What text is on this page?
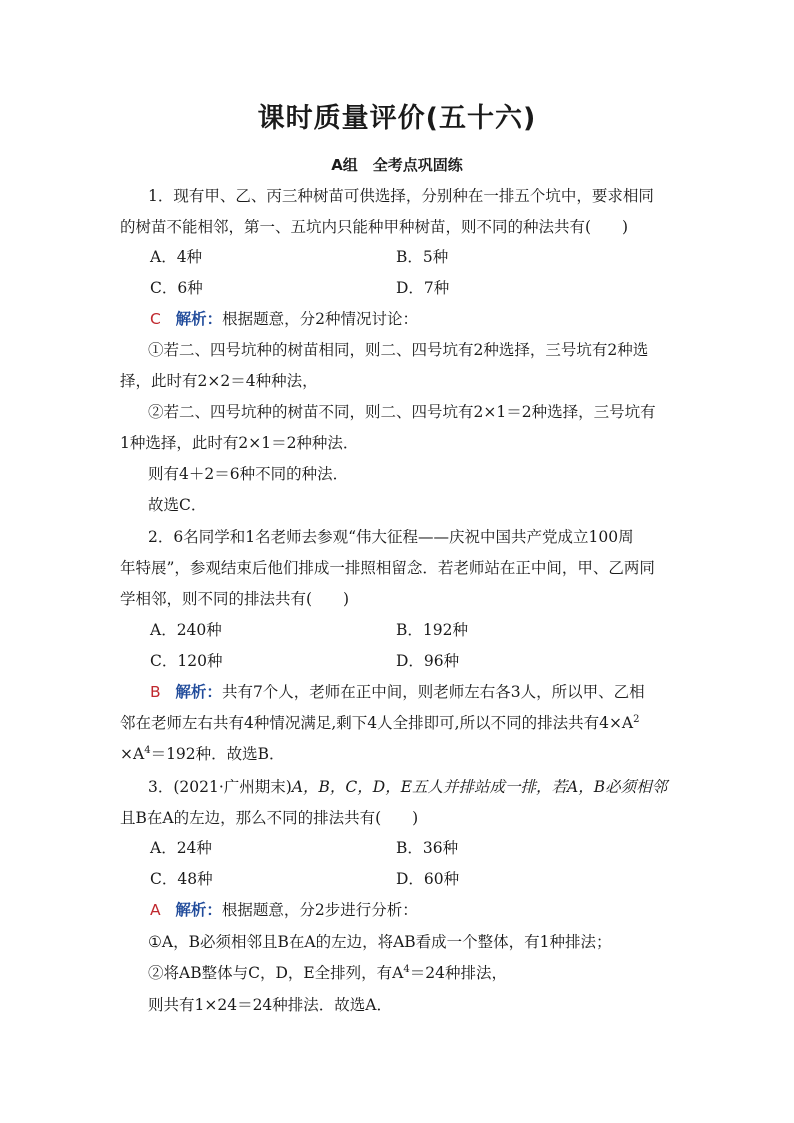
课时质量评价(五十六)
A组　全考点巩固练
1．现有甲、乙、丙三种树苗可供选择，分别种在一排五个坑中，要求相同
的树苗不能相邻，第一、五坑内只能种甲种树苗，则不同的种法共有(　　)
A．4种	B．5种
C．6种	D．7种
C 解析：根据题意，分2种情况讨论：
①若二、四号坑种的树苗相同，则二、四号坑有2种选择，三号坑有2种选
择，此时有2×2＝4种种法，
②若二、四号坑种的树苗不同，则二、四号坑有2×1＝2种选择，三号坑有
1种选择，此时有2×1＝2种种法．
则有4＋2＝6种不同的种法．
故选C．
2．6名同学和1名老师去参观“伟大征程——庆祝中国共产党成立100周
年特展”，参观结束后他们排成一排照相留念．若老师站在正中间，甲、乙两同
学相邻，则不同的排法共有(　　)
A．240种	B．192种
C．120种	D．96种
B 解析：共有7个人，老师在正中间，则老师左右各3人，所以甲、乙相
邻在老师左右共有4种情况满足,剩下4人全排即可,所以不同的排法共有$4\times A^2$
$\times A^4=192$种．故选B．
3．(2021·广州期末)A，B，C，D，E五人并排站成一排，若A，B必须相邻
且B在A的左边，那么不同的排法共有(　　)
A．24种	B．36种
C．48种	D．60种
A 解析：根据题意，分2步进行分析：
①A，B必须相邻且B在A的左边，将AB看成一个整体，有1种排法；
②将AB整体与C，D，E全排列，有$A^4=24$种排法，
则共有1×24＝24种排法．故选A．
